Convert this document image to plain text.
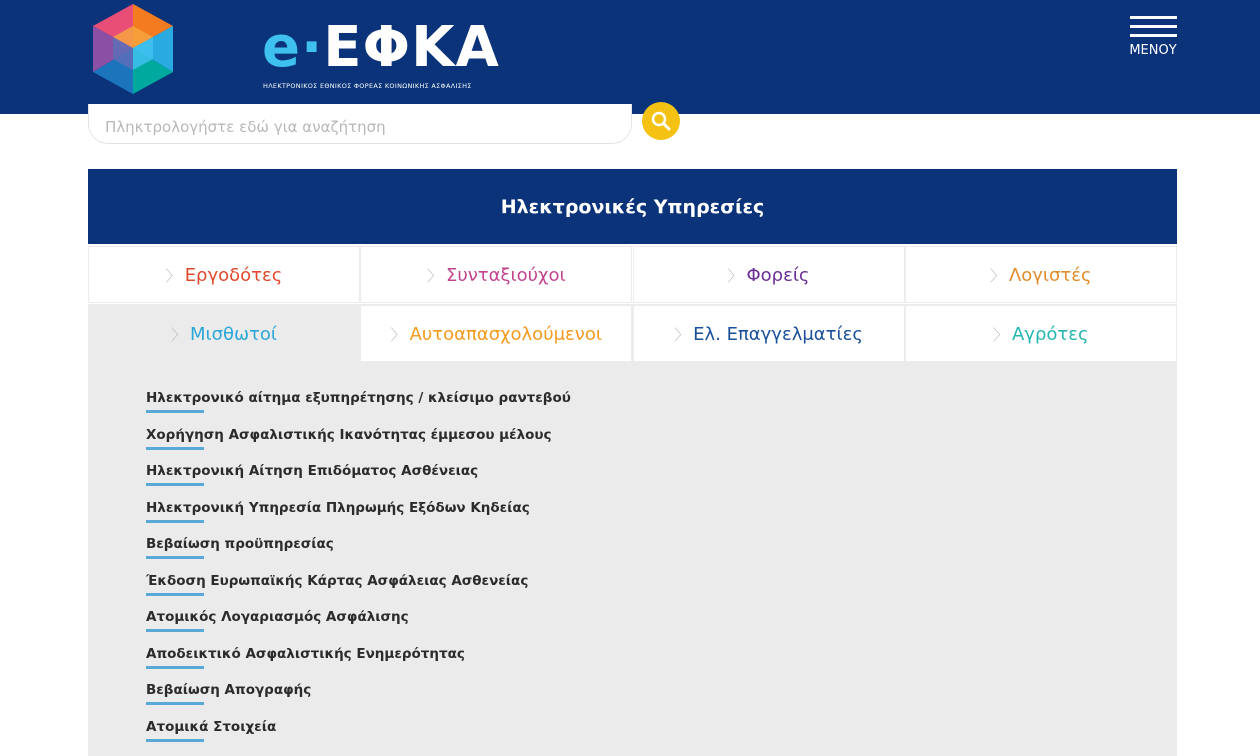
e·ΕΦΚΑ
ΗΛΕΚΤΡΟΝΙΚΟΣ ΕΘΝΙΚΟΣ ΦΟΡΕΑΣ ΚΟΙΝΩΝΙΚΗΣ ΑΣΦΑΛΙΣΗΣ
ΜΕΝΟΥ
Πληκτρολογήστε εδώ για αναζήτηση
Ηλεκτρονικές Υπηρεσίες
Ηλεκτρονικό αίτημα εξυπηρέτησης / κλείσιμο ραντεβού
Χορήγηση Ασφαλιστικής Ικανότητας έμμεσου μέλους
Ηλεκτρονική Αίτηση Επιδόματος Ασθένειας
Ηλεκτρονική Υπηρεσία Πληρωμής Εξόδων Κηδείας
Βεβαίωση προϋπηρεσίας
Έκδοση Ευρωπαϊκής Κάρτας Ασφάλειας Ασθενείας
Ατομικός Λογαριασμός Ασφάλισης
Αποδεικτικό Ασφαλιστικής Ενημερότητας
Βεβαίωση Απογραφής
Ατομικά Στοιχεία
〉 Εργοδότες	〉 Συνταξιούχοι	〉 Φορείς	〉 Λογιστές
〉 Μισθωτοί	〉 Αυτοαπασχολούμενοι	〉 Ελ. Επαγγελματίες	〉 Αγρότες
